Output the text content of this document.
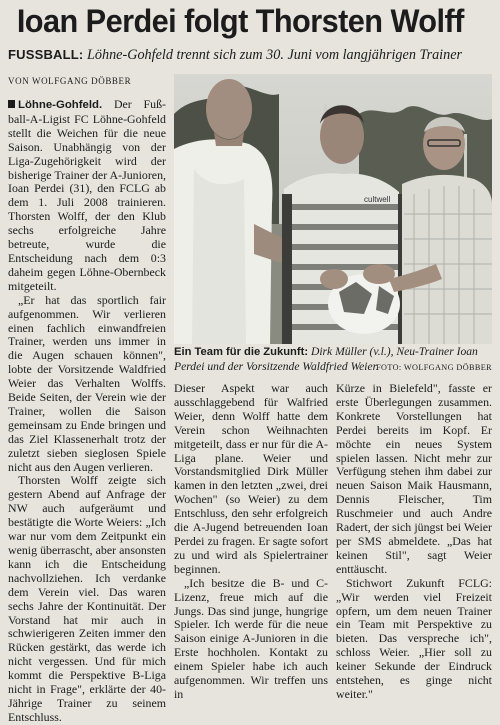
Ioan Perdei folgt Thorsten Wolff
FUSSBALL: Löhne-Gohfeld trennt sich zum 30. Juni vom langjährigen Trainer
VON WOLFGANG DÖBBER

Löhne-Gohfeld. Der Fuß-ball-A-Ligist FC Löhne-Gohfeld stellt die Weichen für die neue Saison. Unabhängig von der Liga-Zugehörigkeit wird der bisherige Trainer der A-Junioren, Ioan Perdei (31), den FCLG ab dem 1. Juli 2008 trainieren. Thorsten Wolff, der den Klub sechs erfolgreiche Jahre betreute, wurde die Entscheidung nach dem 0:3 daheim gegen Löhne-Obernbeck mitgeteilt.

„Er hat das sportlich fair aufgenommen. Wir verlieren einen fachlich einwandfreien Trainer, werden uns immer in die Augen schauen können", lobte der Vorsitzende Waldfried Weier das Verhalten Wolffs. Beide Seiten, der Verein wie der Trainer, wollen die Saison gemeinsam zu Ende bringen und das Ziel Klassenerhalt trotz der zuletzt sieben sieglosen Spiele nicht aus den Augen verlieren.

Thorsten Wolff zeigte sich gestern Abend auf Anfrage der NW auch aufgeräumt und bestätigte die Worte Weiers: „Ich war nur vom dem Zeitpunkt ein wenig überrascht, aber ansonsten kann ich die Entscheidung nachvollziehen. Ich verdanke dem Verein viel. Das waren sechs Jahre der Kontinuität. Der Vorstand hat mir auch in schwierigeren Zeiten immer den Rücken gestärkt, das werde ich nicht vergessen. Und für mich kommt die Perspektive B-Liga nicht in Frage", erklärte der 40-Jährige Trainer zu seinem Entschluss.

cultwell
Ein Team für die Zukunft: Dirk Müller (v.l.), Neu-Trainer Ioan Perdei und der Vorsitzende Waldfried Weier.
FOTO: WOLFGANG DÖBBER

Dieser Aspekt war auch ausschlaggebend für Walfried Weier, denn Wolff hatte dem Verein schon Weihnachten mitgeteilt, dass er nur für die A-Liga plane. Weier und Vorstandsmitglied Dirk Müller kamen in den letzten „zwei, drei Wochen" (so Weier) zu dem Entschluss, den sehr erfolgreich die A-Jugend betreuenden Ioan Perdei zu fragen. Er sagte sofort zu und wird als Spielertrainer beginnen.

„Ich besitze die B- und C-Lizenz, freue mich auf die Jungs. Das sind junge, hungrige Spieler. Ich werde für die neue Saison einige A-Junioren in die Erste hochholen. Kontakt zu einem Spieler habe ich auch aufgenommen. Wir treffen uns in

Kürze in Bielefeld", fasste er erste Überlegungen zusammen. Konkrete Vorstellungen hat Perdei bereits im Kopf. Er möchte ein neues System spielen lassen. Nicht mehr zur Verfügung stehen ihm dabei zur neuen Saison Maik Hausmann, Dennis Fleischer, Tim Ruschmeier und auch Andre Radert, der sich jüngst bei Weier per SMS abmeldete. „Das hat keinen Stil", sagt Weier enttäuscht.

Stichwort Zukunft FCLG: „Wir werden viel Freizeit opfern, um dem neuen Trainer ein Team mit Perspektive zu bieten. Das verspreche ich", schloss Weier. „Hier soll zu keiner Sekunde der Eindruck entstehen, es ginge nicht weiter."
